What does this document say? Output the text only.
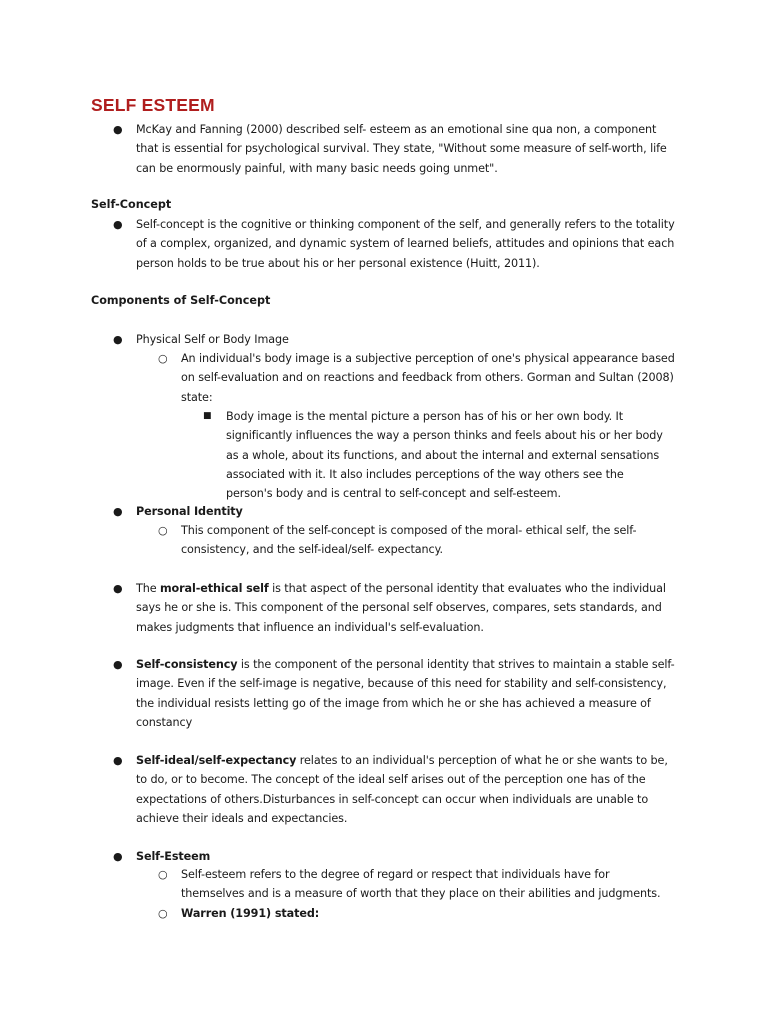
SELF ESTEEM
● McKay and Fanning (2000) described self- esteem as an emotional sine qua non, a component that is essential for psychological survival. They state, "Without some measure of self-worth, life can be enormously painful, with many basic needs going unmet".

Self-Concept
● Self-concept is the cognitive or thinking component of the self, and generally refers to the totality of a complex, organized, and dynamic system of learned beliefs, attitudes and opinions that each person holds to be true about his or her personal existence (Huitt, 2011).

Components of Self-Concept
● Physical Self or Body Image

○ An individual's body image is a subjective perception of one's physical appearance based on self-evaluation and on reactions and feedback from others. Gorman and Sultan (2008) state:

■ Body image is the mental picture a person has of his or her own body. It significantly influences the way a person thinks and feels about his or her body as a whole, about its functions, and about the internal and external sensations associated with it. It also includes perceptions of the way others see the person's body and is central to self-concept and self-esteem.

● Personal Identity

○ This component of the self-concept is composed of the moral- ethical self, the self-consistency, and the self-ideal/self- expectancy.

● The moral-ethical self is that aspect of the personal identity that evaluates who the individual says he or she is. This component of the personal self observes, compares, sets standards, and makes judgments that influence an individual's self-evaluation.

● Self-consistency is the component of the personal identity that strives to maintain a stable self-image. Even if the self-image is negative, because of this need for stability and self-consistency, the individual resists letting go of the image from which he or she has achieved a measure of constancy

● Self-ideal/self-expectancy relates to an individual's perception of what he or she wants to be, to do, or to become. The concept of the ideal self arises out of the perception one has of the expectations of others.Disturbances in self-concept can occur when individuals are unable to achieve their ideals and expectancies.

● Self-Esteem

○ Self-esteem refers to the degree of regard or respect that individuals have for themselves and is a measure of worth that they place on their abilities and judgments.

○ Warren (1991) stated:
